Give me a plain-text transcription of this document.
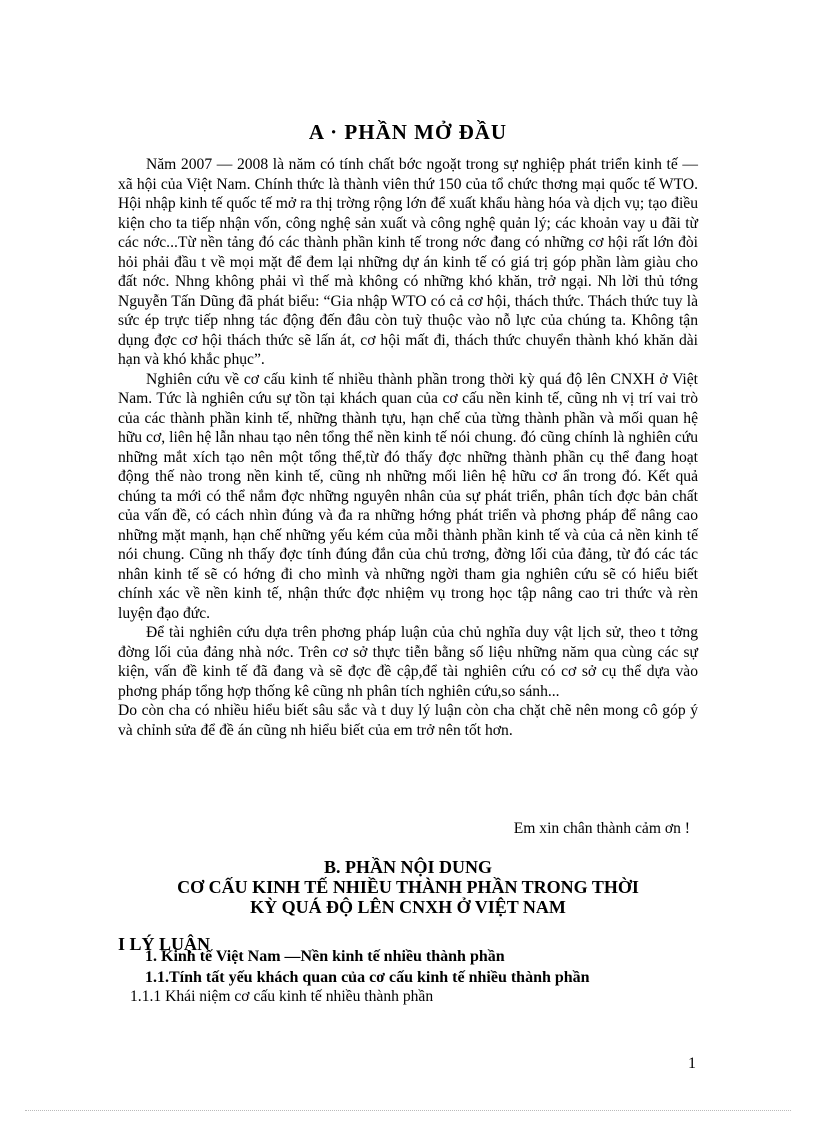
A · PHẦN MỞ ĐẦU

Năm 2007 — 2008 là năm có tính chất bớc ngoặt trong sự nghiệp phát triển kinh tế — xã hội của Việt Nam. Chính thức là thành viên thứ 150 của tổ chức thơng mại quốc tế WTO. Hội nhập kinh tế quốc tế mở ra thị trờng rộng lớn để xuất khẩu hàng hóa và dịch vụ; tạo điều kiện cho ta tiếp nhận vốn, công nghệ sản xuất và công nghệ quản lý; các khoản vay u đãi từ các nớc...Từ nền tảng đó các thành phần kinh tế trong nớc đang có những cơ hội rất lớn đòi hỏi phải đầu t về mọi mặt để đem lại những dự án kinh tế có giá trị góp phần làm giàu cho đất nớc. Nhng không phải vì thế mà không có những khó khăn, trở ngại. Nh lời thủ tớng Nguyễn Tấn Dũng đã phát biểu: “Gia nhập WTO có cả cơ hội, thách thức. Thách thức tuy là sức ép trực tiếp nhng tác động đến đâu còn tuỳ thuộc vào nỗ lực của chúng ta. Không tận dụng đợc cơ hội thách thức sẽ lấn át, cơ hội mất đi, thách thức chuyển thành khó khăn dài hạn và khó khắc phục”.

Nghiên cứu về cơ cấu kinh tế nhiều thành phần trong thời kỳ quá độ lên CNXH ở Việt Nam. Tức là nghiên cứu sự tồn tại khách quan của cơ cấu nền kinh tế, cũng nh vị trí vai trò của các thành phần kinh tế, những thành tựu, hạn chế của từng thành phần và mối quan hệ hữu cơ, liên hệ lẫn nhau tạo nên tổng thể nền kinh tế nói chung. đó cũng chính là nghiên cứu những mắt xích tạo nên một tổng thể,từ đó thấy đợc những thành phần cụ thể đang hoạt động thế nào trong nền kinh tế, cũng nh những mối liên hệ hữu cơ ẩn trong đó. Kết quả chúng ta mới có thể nắm đợc những nguyên nhân của sự phát triển, phân tích đợc bản chất của vấn đề, có cách nhìn đúng và đa ra những hớng phát triển và phơng pháp để nâng cao những mặt mạnh, hạn chế những yếu kém của mỗi thành phần kinh tế và của cả nền kinh tế nói chung. Cũng nh thấy đợc tính đúng đắn của chủ trơng, đờng lối của đảng, từ đó các tác nhân kinh tế sẽ có hớng đi cho mình và những ngời tham gia nghiên cứu sẽ có hiểu biết chính xác về nền kinh tế, nhận thức đợc nhiệm vụ trong học tập nâng cao tri thức và rèn luyện đạo đức.

Để tài nghiên cứu dựa trên phơng pháp luận của chủ nghĩa duy vật lịch sử, theo t tởng đờng lối của đảng nhà nớc. Trên cơ sở thực tiễn bằng số liệu những năm qua cùng các sự kiện, vấn đề kinh tế đã đang và sẽ đợc đề cập,để tài nghiên cứu có cơ sở cụ thể dựa vào phơng pháp tổng hợp thống kê cũng nh phân tích nghiên cứu,so sánh...

Do còn cha có nhiều hiểu biết sâu sắc và t duy lý luận còn cha chặt chẽ nên mong cô góp ý và chỉnh sửa để đề án cũng nh hiểu biết của em trở nên tốt hơn.

Em xin chân thành cảm ơn !
B. PHẦN NỘI DUNG
CƠ CẤU KINH TẾ NHIỀU THÀNH PHẦN TRONG THỜI
KỲ QUÁ ĐỘ LÊN CNXH Ở VIỆT NAM
I LÝ LUẬN
1. Kinh tế Việt Nam —Nền kinh tế nhiều thành phần
1.1.Tính tất yếu khách quan của cơ cấu kinh tế nhiều thành phần
1.1.1 Khái niệm cơ cấu kinh tế nhiều thành phần
1
